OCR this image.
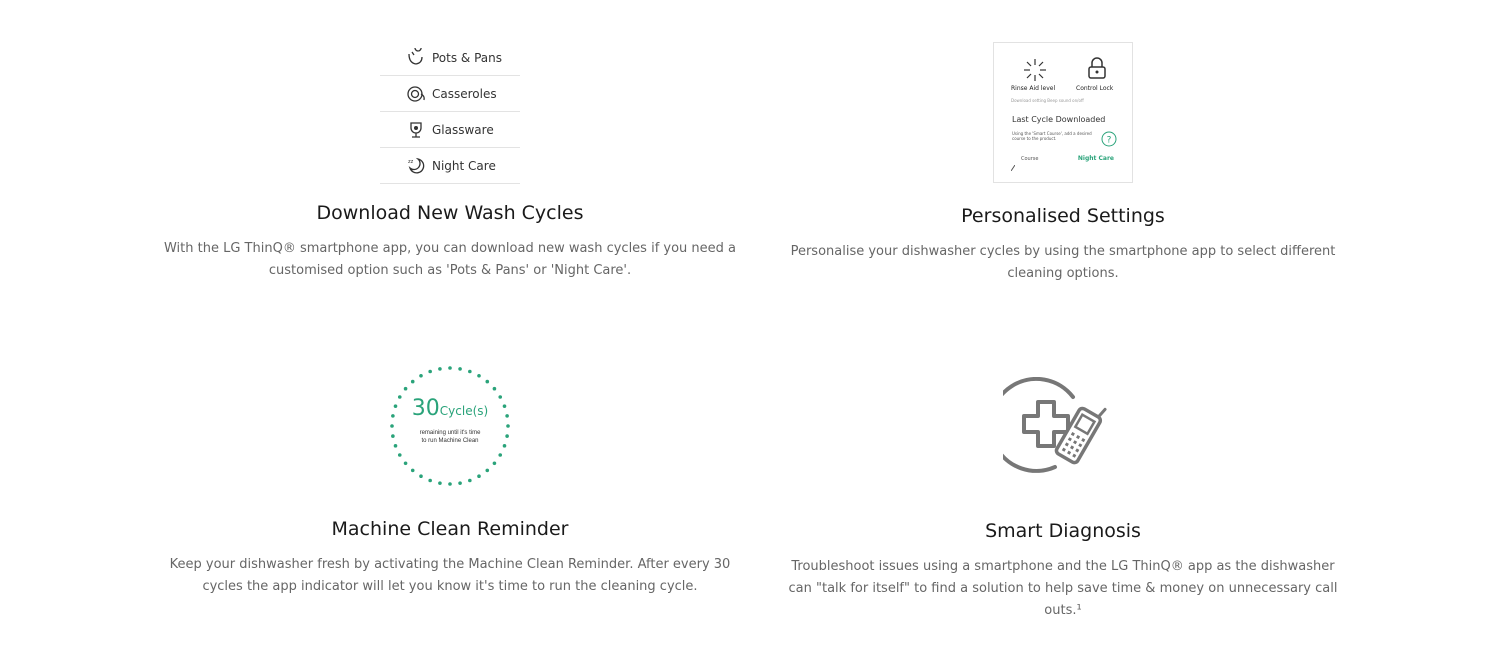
Pots & Pans
Casseroles
Glassware
zz Night Care
Download New Wash Cycles

With the LG ThinQ® smartphone app, you can download new wash cycles if you need a customised option such as 'Pots & Pans' or 'Night Care'.

Rinse Aid level	Control Lock
Download setting Beep sound on/off
Last Cycle Downloaded
Using the 'Smart Course', add a desired course to the product.	?
Course	Night Care
Personalised Settings

Personalise your dishwasher cycles by using the smartphone app to select different cleaning options.

30Cycle(s)
remaining until it's time
to run Machine Clean
Machine Clean Reminder

Keep your dishwasher fresh by activating the Machine Clean Reminder. After every 30 cycles the app indicator will let you know it's time to run the cleaning cycle.

Smart Diagnosis

Troubleshoot issues using a smartphone and the LG ThinQ® app as the dishwasher can "talk for itself" to find a solution to help save time & money on unnecessary call outs.¹
